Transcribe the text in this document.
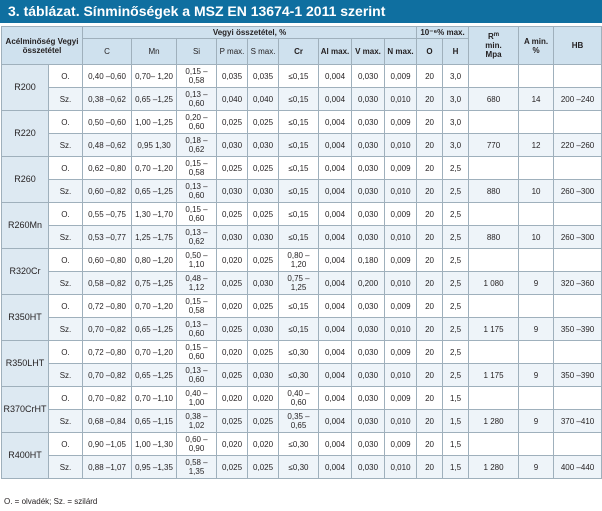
3. táblázat. Sínminőségek a MSZ EN 13674-1 2011 szerint
Acélminőség Vegyi összetétel		Vegyi összetétel, %									10⁻⁶% max.		$R^m$
min.
Mpa	A min. %	HB
		C	Mn	Si	P max.	S max.	Cr	Al max.	V max.	N max.	O	H			
R200	O.	0,40 –0,60	0,70– 1,20	0,15 –0,58	0,035	0,035	≤0,15	0,004	0,030	0,009	20	3,0			
	Sz.	0,38 –0,62	0,65 –1,25	0,13 –0,60	0,040	0,040	≤0,15	0,004	0,030	0,010	20	3,0	680	14	200 –240
R220	O.	0,50 –0,60	1,00 –1,25	0,20 –0,60	0,025	0,025	≤0,15	0,004	0,030	0,009	20	3,0			
	Sz.	0,48 –0,62	0,95 1,30	0,18 –0,62	0,030	0,030	≤0,15	0,004	0,030	0,010	20	3,0	770	12	220 –260
R260	O.	0,62 –0,80	0,70 –1,20	0,15 –0,58	0,025	0,025	≤0,15	0,004	0,030	0,009	20	2,5			
	Sz.	0,60 –0,82	0,65 –1,25	0,13 –0,60	0,030	0,030	≤0,15	0,004	0,030	0,010	20	2,5	880	10	260 –300
R260Mn	O.	0,55 –0,75	1,30 –1,70	0,15 –0,60	0,025	0,025	≤0,15	0,004	0,030	0,009	20	2,5			
	Sz.	0,53 –0,77	1,25 –1,75	0,13 –0,62	0,030	0,030	≤0,15	0,004	0,030	0,010	20	2,5	880	10	260 –300
R320Cr	O.	0,60 –0,80	0,80 –1,20	0,50 –1,10	0,020	0,025	0,80 –1,20	0,004	0,180	0,009	20	2,5			
	Sz.	0,58 –0,82	0,75 –1,25	0,48 –1,12	0,025	0,030	0,75 –1,25	0,004	0,200	0,010	20	2,5	1 080	9	320 –360
R350HT	O.	0,72 –0,80	0,70 –1,20	0,15 –0,58	0,020	0,025	≤0,15	0,004	0,030	0,009	20	2,5			
	Sz.	0,70 –0,82	0,65 –1,25	0,13 –0,60	0,025	0,030	≤0,15	0,004	0,030	0,010	20	2,5	1 175	9	350 –390
R350LHT	O.	0,72 –0,80	0,70 –1,20	0,15 –0,60	0,020	0,025	≤0,30	0,004	0,030	0,009	20	2,5			
	Sz.	0,70 –0,82	0,65 –1,25	0,13 –0,60	0,025	0,030	≤0,30	0,004	0,030	0,010	20	2,5	1 175	9	350 –390
R370CrHT	O.	0,70 –0,82	0,70 –1,10	0,40 –1,00	0,020	0,020	0,40 –0,60	0,004	0,030	0,009	20	1,5			
	Sz.	0,68 –0,84	0,65 –1,15	0,38 –1,02	0,025	0,025	0,35 –0,65	0,004	0,030	0,010	20	1,5	1 280	9	370 –410
R400HT	O.	0,90 –1,05	1,00 –1,30	0,60 –0,90	0,020	0,020	≤0,30	0,004	0,030	0,009	20	1,5			
	Sz.	0,88 –1,07	0,95 –1,35	0,58 –1,35	0,025	0,025	≤0,30	0,004	0,030	0,010	20	1,5	1 280	9	400 –440
O. = olvadék; Sz. = szilárd
